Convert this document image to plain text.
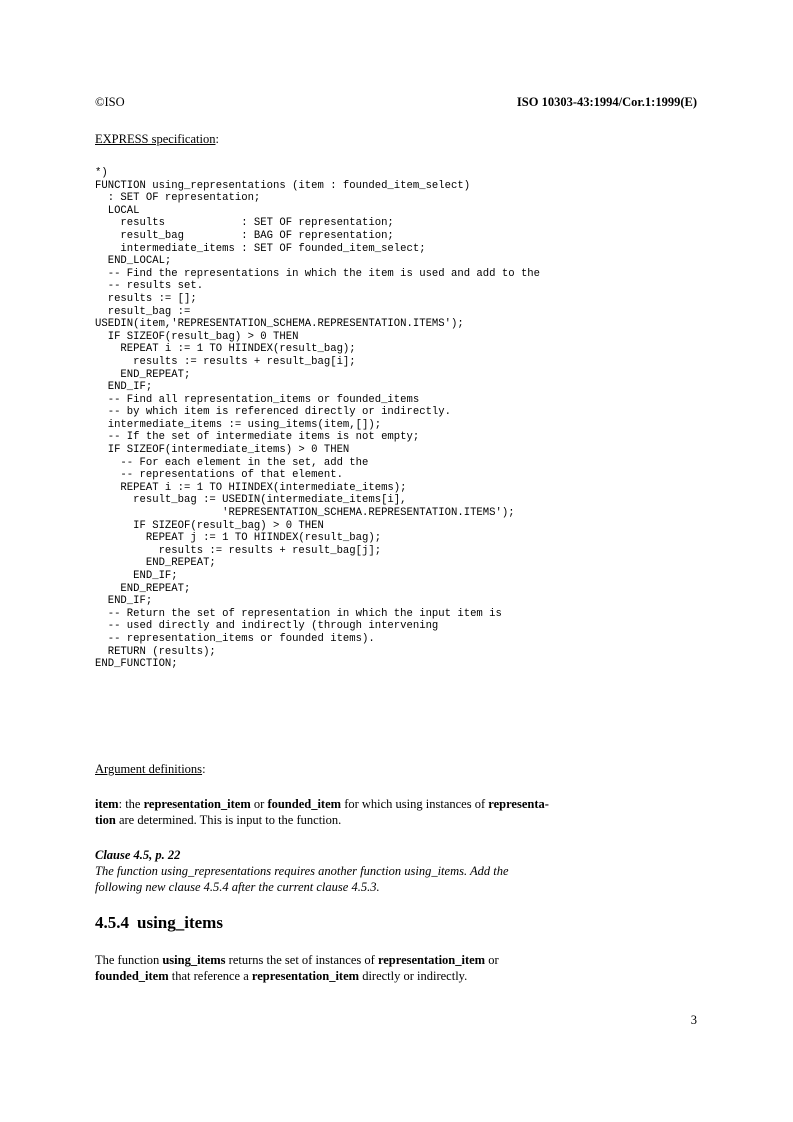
©ISO	ISO 10303-43:1994/Cor.1:1999(E)
EXPRESS specification:
*)
FUNCTION using_representations (item : founded_item_select)
: SET OF representation;
LOCAL
results            : SET OF representation;
result_bag         : BAG OF representation;
intermediate_items : SET OF founded_item_select;
END_LOCAL;
-- Find the representations in which the item is used and add to the
-- results set.
results := [];
result_bag :=
USEDIN(item,'REPRESENTATION_SCHEMA.REPRESENTATION.ITEMS');
IF SIZEOF(result_bag) > 0 THEN
REPEAT i := 1 TO HIINDEX(result_bag);
results := results + result_bag[i];
END_REPEAT;
END_IF;
-- Find all representation_items or founded_items
-- by which item is referenced directly or indirectly.
intermediate_items := using_items(item,[]);
-- If the set of intermediate items is not empty;
IF SIZEOF(intermediate_items) > 0 THEN
-- For each element in the set, add the
-- representations of that element.
REPEAT i := 1 TO HIINDEX(intermediate_items);
result_bag := USEDIN(intermediate_items[i],
'REPRESENTATION_SCHEMA.REPRESENTATION.ITEMS');
IF SIZEOF(result_bag) > 0 THEN
REPEAT j := 1 TO HIINDEX(result_bag);
results := results + result_bag[j];
END_REPEAT;
END_IF;
END_REPEAT;
END_IF;
-- Return the set of representation in which the input item is
-- used directly and indirectly (through intervening
-- representation_items or founded items).
RETURN (results);
END_FUNCTION;
Argument definitions:
item: the representation_item or founded_item for which using instances of representa-
tion are determined. This is input to the function.
Clause 4.5, p. 22
The function using_representations requires another function using_items. Add the
following new clause 4.5.4 after the current clause 4.5.3.
4.5.4 using_items
The function using_items returns the set of instances of representation_item or
founded_item that reference a representation_item directly or indirectly.
3
